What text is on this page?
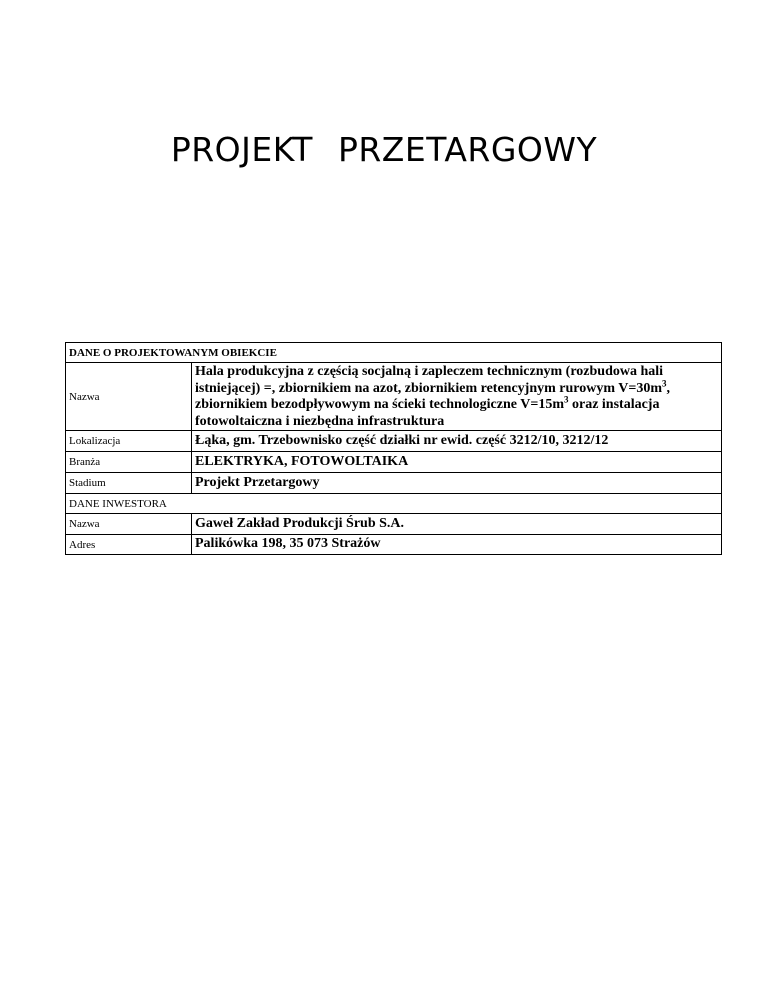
PROJEKT PRZETARGOWY
DANE O PROJEKTOWANYM OBIEKCIE	
Nazwa	Hala produkcyjna z częścią socjalną i zapleczem technicznym (rozbudowa hali istniejącej) =, zbiornikiem na azot, zbiornikiem retencyjnym rurowym $V=30m^3$, zbiornikiem bezodpływowym na ścieki technologiczne $V=15m^3$ oraz instalacja fotowoltaiczna i niezbędna infrastruktura
Lokalizacja	Łąka, gm. Trzebownisko część działki nr ewid. część 3212/10, 3212/12
Branża	ELEKTRYKA, FOTOWOLTAIKA
Stadium	Projekt Przetargowy
DANE INWESTORA	
Nazwa	Gaweł Zakład Produkcji Śrub S.A.
Adres	Palikówka 198, 35 073 Strażów
